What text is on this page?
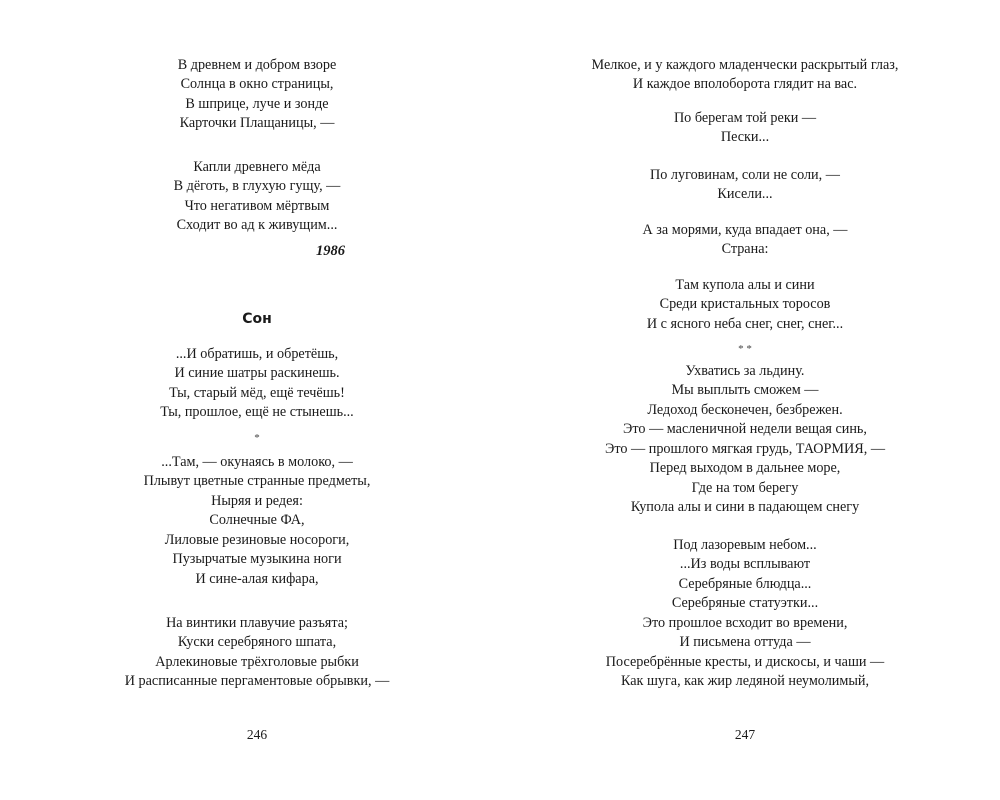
В древнем и добром взоре
Солнца в окно страницы,
В шприце, луче и зонде
Карточки Плащаницы, —
Капли древнего мёда
В дёготь, в глухую гущу, —
Что негативом мёртвым
Сходит во ад к живущим...
1986
Сон
...И обратишь, и обретёшь,
И синие шатры раскинешь.
Ты, старый мёд, ещё течёшь!
Ты, прошлое, ещё не стынешь...
*
...Там, — окунаясь в молоко, —
Плывут цветные странные предметы,
Ныряя и редея:
Солнечные ФА,
Лиловые резиновые носороги,
Пузырчатые музыкина ноги
И сине-алая кифара,
На винтики плавучие разъята;
Куски серебряного шпата,
Арлекиновые трёхголовые рыбки
И расписанные пергаментовые обрывки, —
246
Мелкое, и у каждого младенчески раскрытый глаз,
И каждое вполоборота глядит на вас.
По берегам той реки —
Пески...
По луговинам, соли не соли, —
Кисели...
А за морями, куда впадает она, —
Страна:
Там купола алы и сини
Среди кристальных торосов
И с ясного неба снег, снег, снег...
* *
Ухватись за льдину.
Мы выплыть сможем —
Ледоход бесконечен, безбрежен.
Это — масленичной недели вещая синь,
Это — прошлого мягкая грудь, ТАОРМИЯ, —
Перед выходом в дальнее море,
Где на том берегу
Купола алы и сини в падающем снегу
Под лазоревым небом...
...Из воды всплывают
Серебряные блюдца...
Серебряные статуэтки...
Это прошлое всходит во времени,
И письмена оттуда —
Посеребрённые кресты, и дискосы, и чаши —
Как шуга, как жир ледяной неумолимый,
247
